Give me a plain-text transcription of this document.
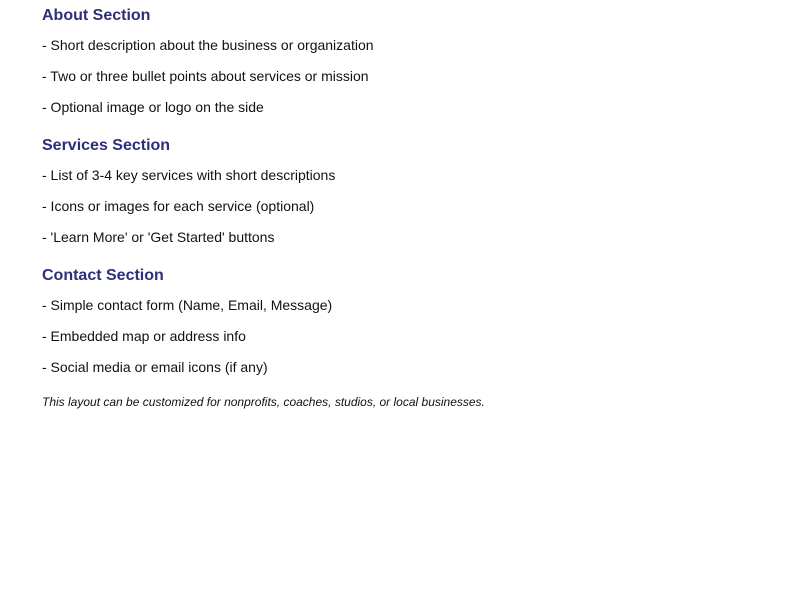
About Section
- Short description about the business or organization
- Two or three bullet points about services or mission
- Optional image or logo on the side
Services Section
- List of 3-4 key services with short descriptions
- Icons or images for each service (optional)
- 'Learn More' or 'Get Started' buttons
Contact Section
- Simple contact form (Name, Email, Message)
- Embedded map or address info
- Social media or email icons (if any)
This layout can be customized for nonprofits, coaches, studios, or local businesses.
